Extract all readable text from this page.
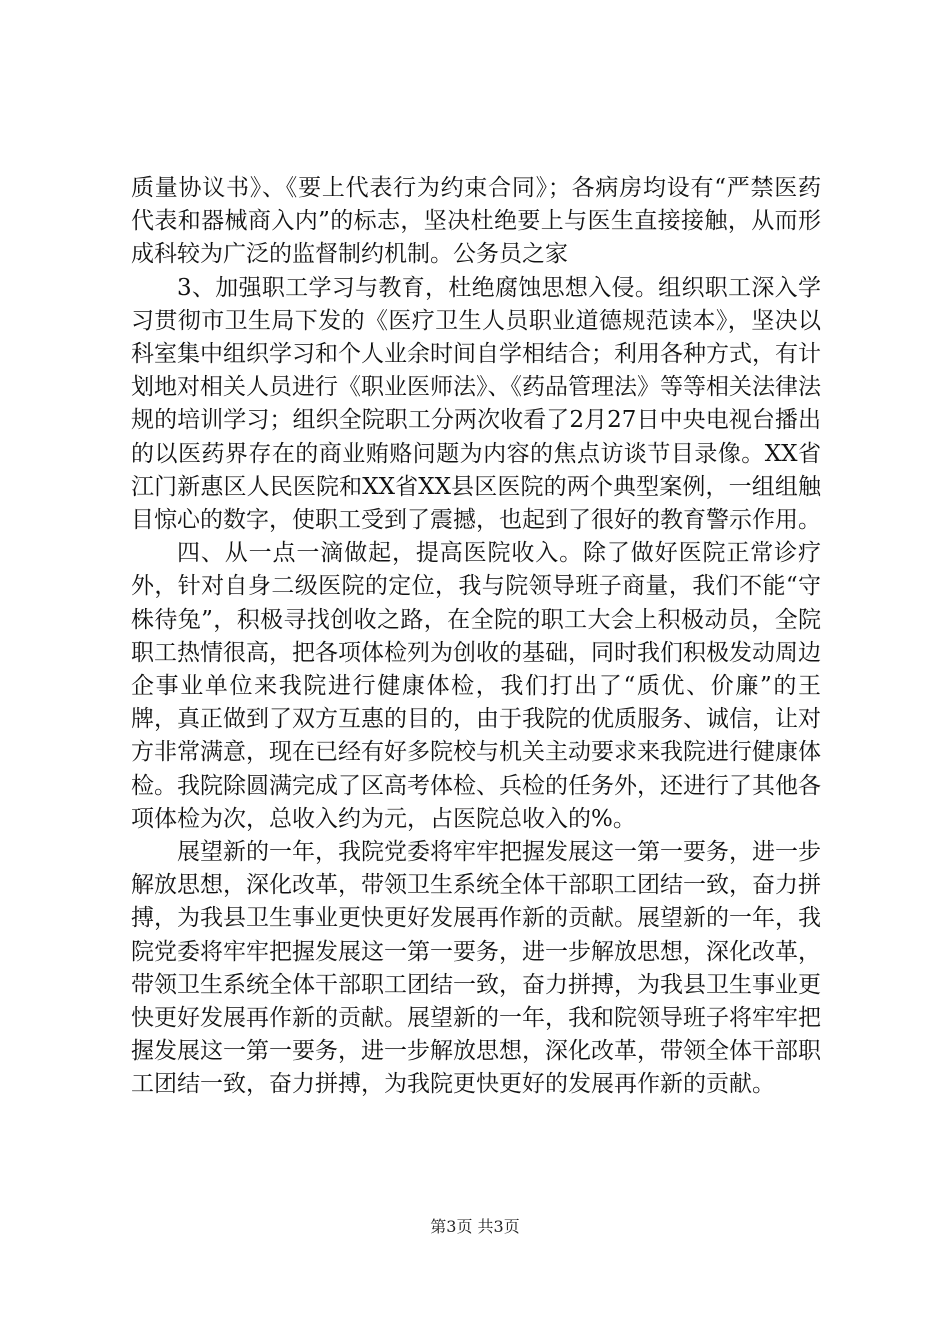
质量协议书》、《要上代表行为约束合同》；各病房均设有“严禁医药代表和器械商入内”的标志，坚决杜绝要上与医生直接接触，从而形成科较为广泛的监督制约机制。公务员之家

3、加强职工学习与教育，杜绝腐蚀思想入侵。组织职工深入学习贯彻市卫生局下发的《医疗卫生人员职业道德规范读本》，坚决以科室集中组织学习和个人业余时间自学相结合；利用各种方式，有计划地对相关人员进行《职业医师法》、《药品管理法》等等相关法律法规的培训学习；组织全院职工分两次收看了2月27日中央电视台播出的以医药界存在的商业贿赂问题为内容的焦点访谈节目录像。XX省江门新惠区人民医院和XX省XX县区医院的两个典型案例，一组组触目惊心的数字，使职工受到了震撼，也起到了很好的教育警示作用。

四、从一点一滴做起，提高医院收入。除了做好医院正常诊疗外，针对自身二级医院的定位，我与院领导班子商量，我们不能“守株待兔”，积极寻找创收之路，在全院的职工大会上积极动员，全院职工热情很高，把各项体检列为创收的基础，同时我们积极发动周边企事业单位来我院进行健康体检，我们打出了“质优、价廉”的王牌，真正做到了双方互惠的目的，由于我院的优质服务、诚信，让对方非常满意，现在已经有好多院校与机关主动要求来我院进行健康体检。我院除圆满完成了区高考体检、兵检的任务外，还进行了其他各项体检为次，总收入约为元，占医院总收入的%。

展望新的一年，我院党委将牢牢把握发展这一第一要务，进一步解放思想，深化改革，带领卫生系统全体干部职工团结一致，奋力拼搏，为我县卫生事业更快更好发展再作新的贡献。展望新的一年，我院党委将牢牢把握发展这一第一要务，进一步解放思想，深化改革，带领卫生系统全体干部职工团结一致，奋力拼搏，为我县卫生事业更快更好发展再作新的贡献。展望新的一年，我和院领导班子将牢牢把握发展这一第一要务，进一步解放思想，深化改革，带领全体干部职工团结一致，奋力拼搏，为我院更快更好的发展再作新的贡献。

第3页 共3页
